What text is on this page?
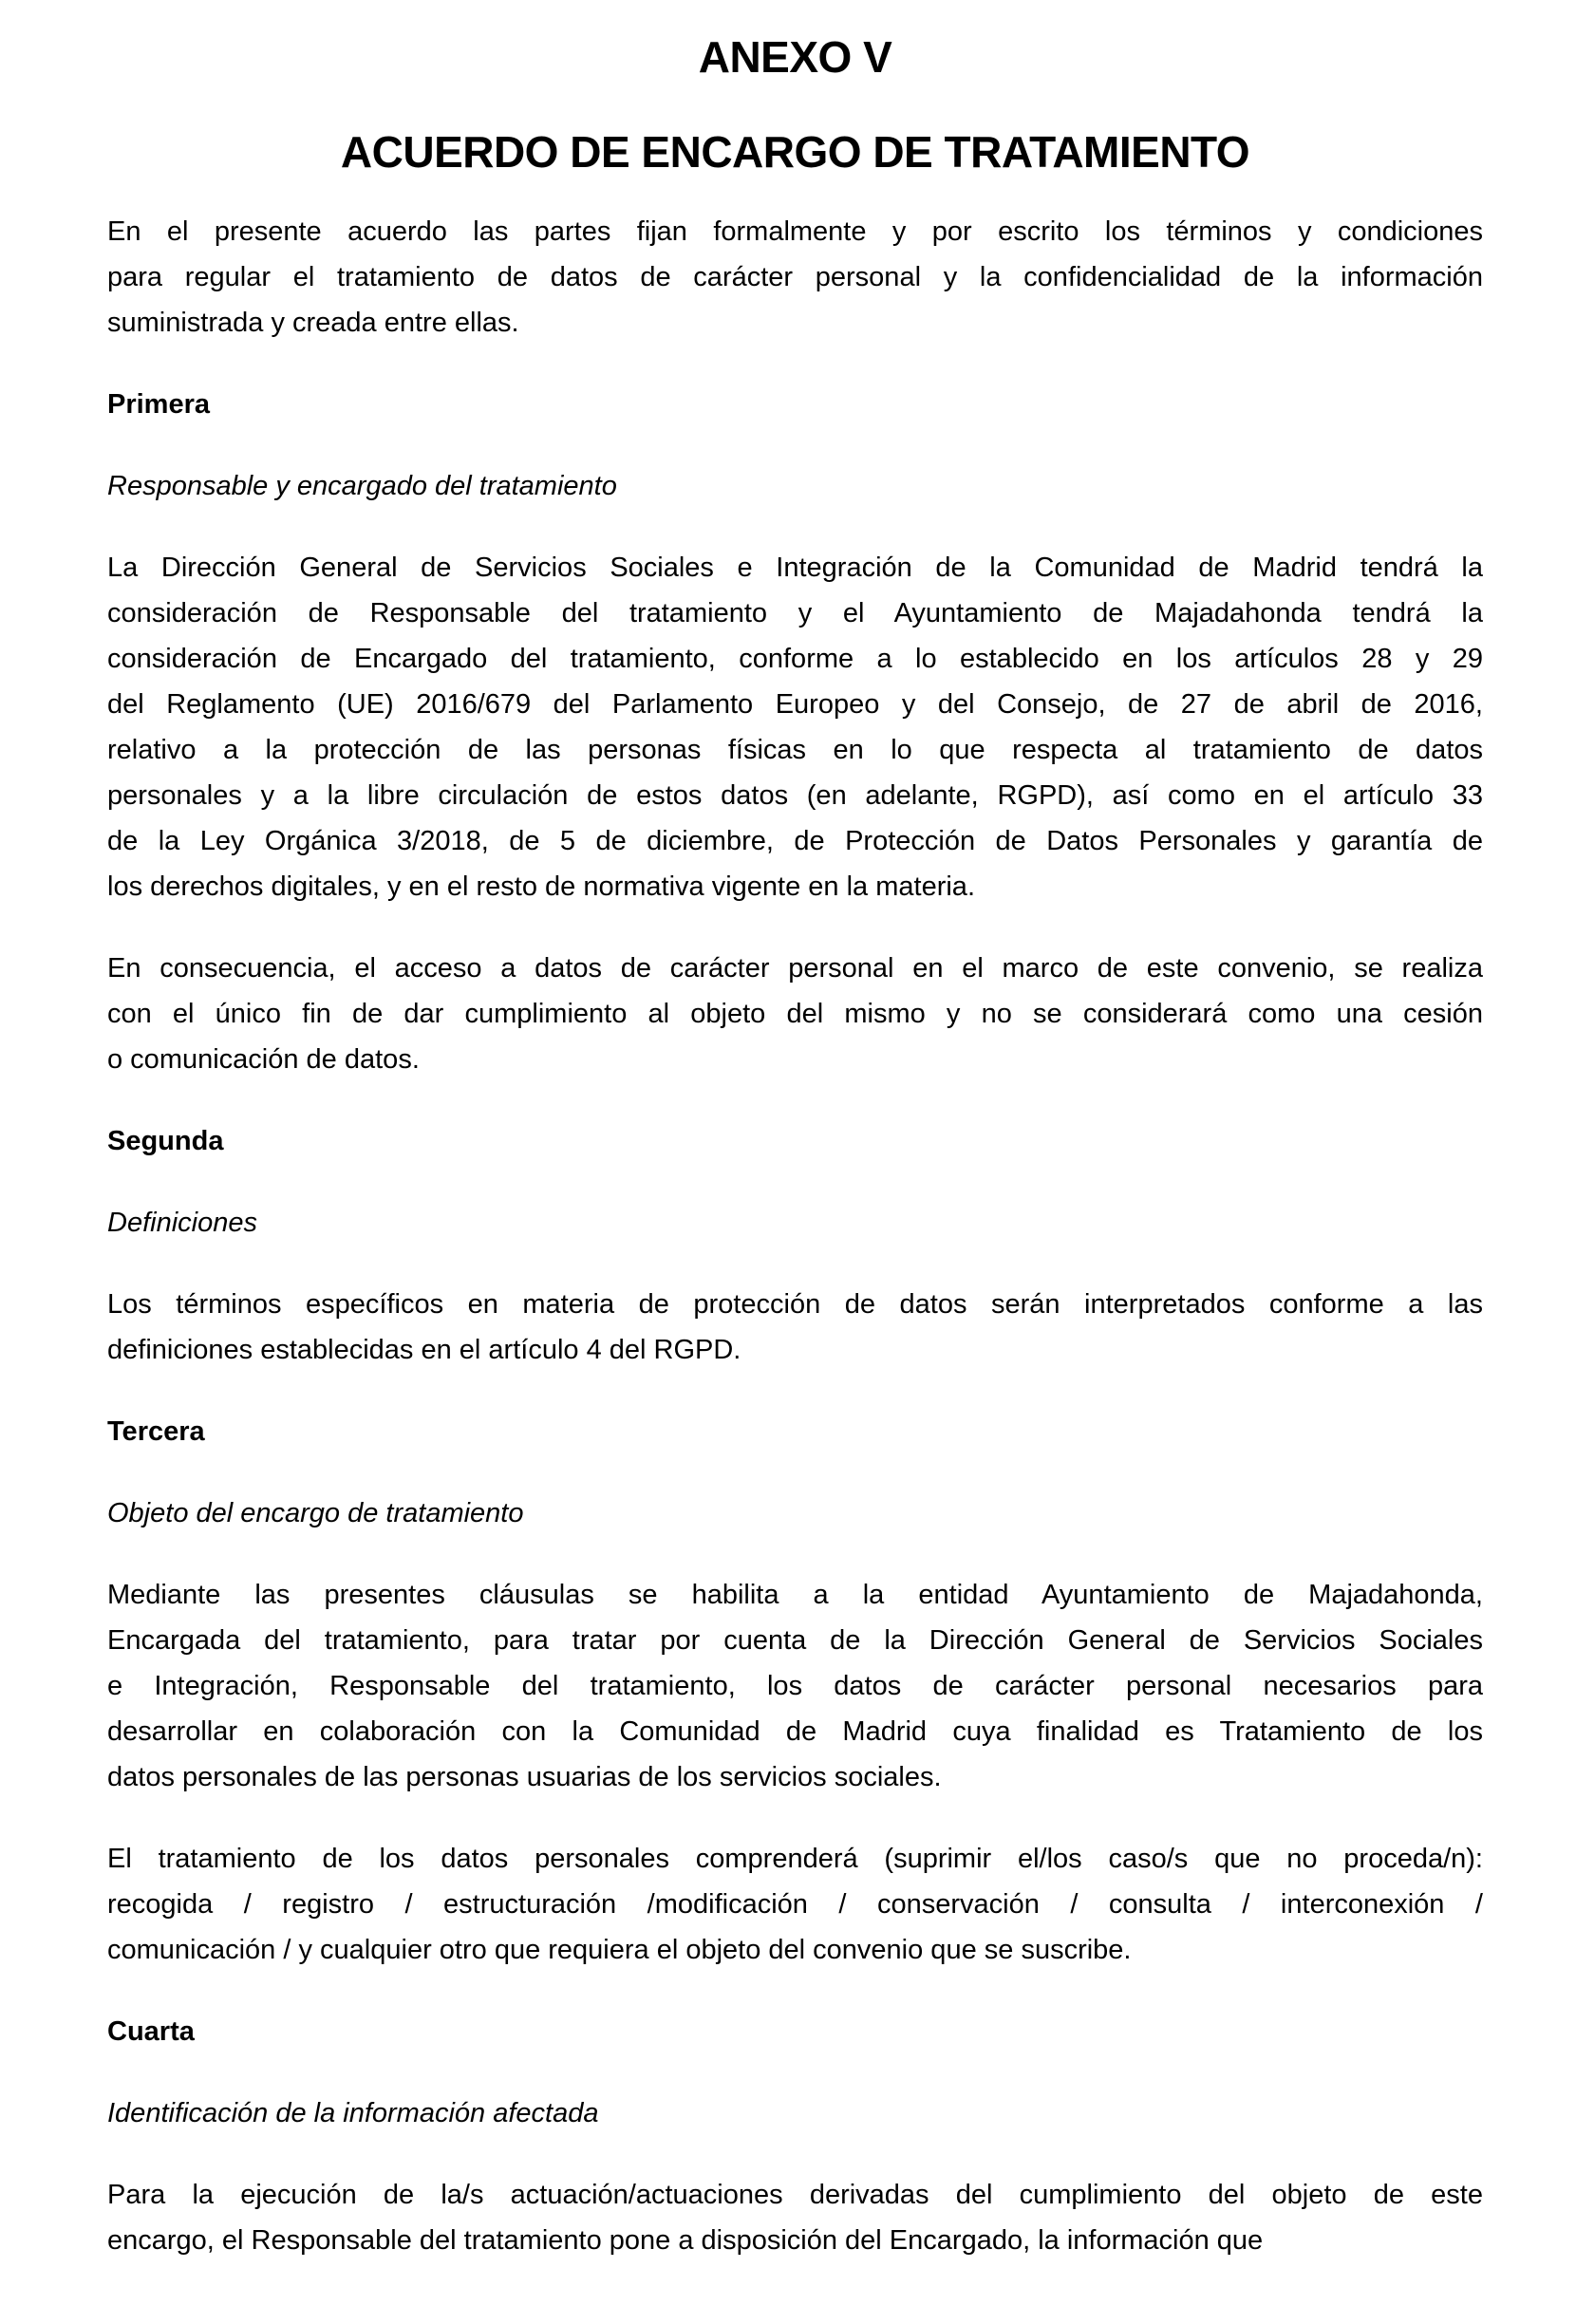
ANEXO V
ACUERDO DE ENCARGO DE TRATAMIENTO
En el presente acuerdo las partes fijan formalmente y por escrito los términos y condiciones
para regular el tratamiento de datos de carácter personal y la confidencialidad de la información
suministrada y creada entre ellas.
Primera
Responsable y encargado del tratamiento
La Dirección General de Servicios Sociales e Integración de la Comunidad de Madrid tendrá la
consideración de Responsable del tratamiento y el Ayuntamiento de Majadahonda tendrá la
consideración de Encargado del tratamiento, conforme a lo establecido en los artículos 28 y 29
del Reglamento (UE) 2016/679 del Parlamento Europeo y del Consejo, de 27 de abril de 2016,
relativo a la protección de las personas físicas en lo que respecta al tratamiento de datos
personales y a la libre circulación de estos datos (en adelante, RGPD), así como en el artículo 33
de la Ley Orgánica 3/2018, de 5 de diciembre, de Protección de Datos Personales y garantía de
los derechos digitales, y en el resto de normativa vigente en la materia.
En consecuencia, el acceso a datos de carácter personal en el marco de este convenio, se realiza
con el único fin de dar cumplimiento al objeto del mismo y no se considerará como una cesión
o comunicación de datos.
Segunda
Definiciones
Los términos específicos en materia de protección de datos serán interpretados conforme a las
definiciones establecidas en el artículo 4 del RGPD.
Tercera
Objeto del encargo de tratamiento
Mediante las presentes cláusulas se habilita a la entidad Ayuntamiento de Majadahonda,
Encargada del tratamiento, para tratar por cuenta de la Dirección General de Servicios Sociales
e Integración, Responsable del tratamiento, los datos de carácter personal necesarios para
desarrollar en colaboración con la Comunidad de Madrid cuya finalidad es Tratamiento de los
datos personales de las personas usuarias de los servicios sociales.
El tratamiento de los datos personales comprenderá (suprimir el/los caso/s que no proceda/n):
recogida / registro / estructuración /modificación / conservación / consulta / interconexión /
comunicación / y cualquier otro que requiera el objeto del convenio que se suscribe.
Cuarta
Identificación de la información afectada
Para la ejecución de la/s actuación/actuaciones derivadas del cumplimiento del objeto de este
encargo, el Responsable del tratamiento pone a disposición del Encargado, la información que
